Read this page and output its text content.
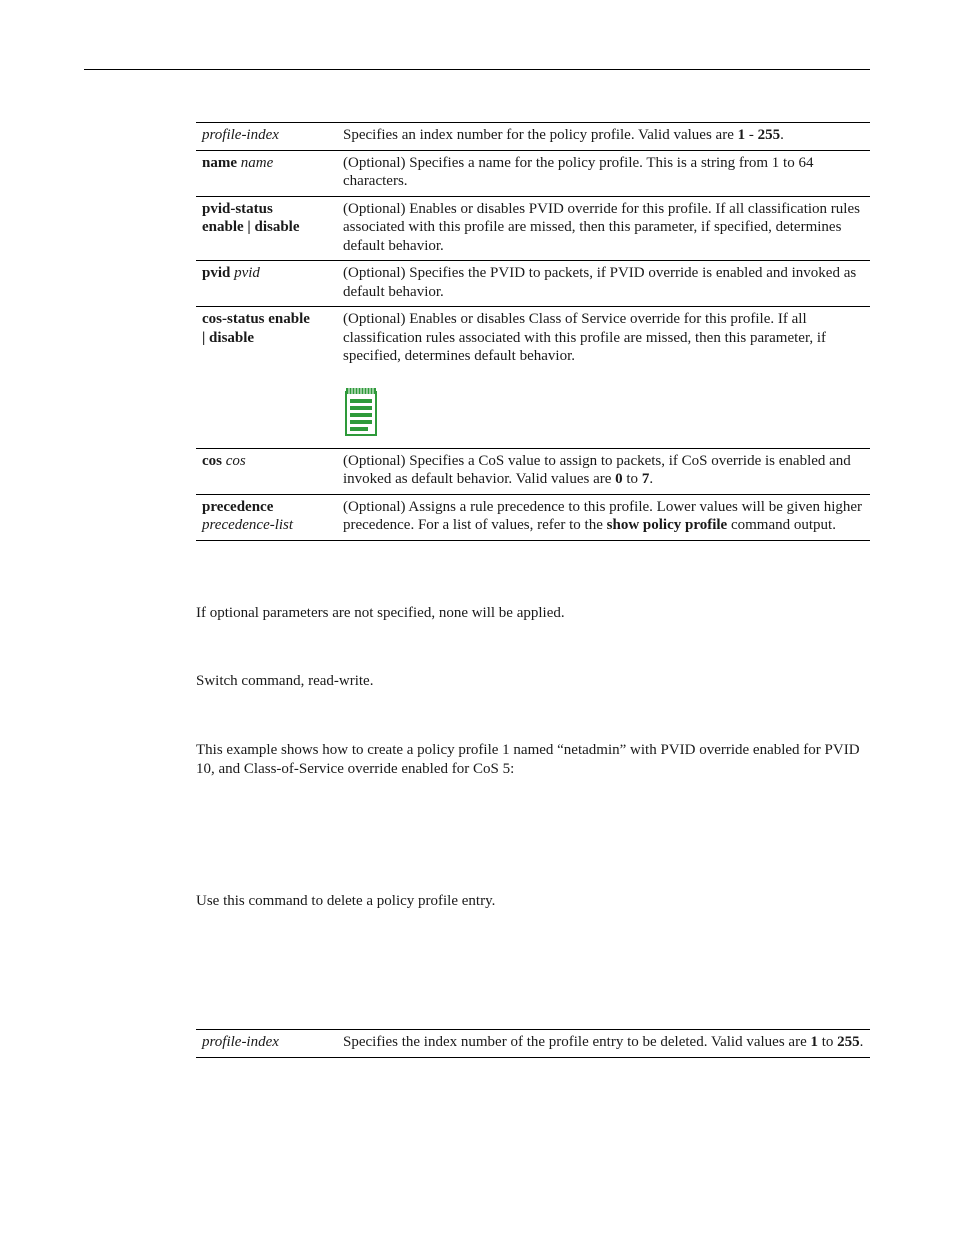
profile-index	Specifies an index number for the policy profile. Valid values are 1 - 255.
name name	(Optional) Specifies a name for the policy profile. This is a string from 1 to 64 characters.
pvid-status
enable | disable	(Optional) Enables or disables PVID override for this profile. If all classification rules associated with this profile are missed, then this parameter, if specified, determines default behavior.
pvid pvid	(Optional) Specifies the PVID to packets, if PVID override is enabled and invoked as default behavior.
cos-status enable
| disable	(Optional) Enables or disables Class of Service override for this profile. If all classification rules associated with this profile are missed, then this parameter, if specified, determines default behavior.

cos cos	(Optional) Specifies a CoS value to assign to packets, if CoS override is enabled and invoked as default behavior. Valid values are 0 to 7.
precedence
precedence-list	(Optional) Assigns a rule precedence to this profile. Lower values will be given higher precedence. For a list of values, refer to the show policy profile command output.

If optional parameters are not specified, none will be applied.

Switch command, read-write.

This example shows how to create a policy profile 1 named “netadmin” with PVID override enabled for PVID 10, and Class-of-Service override enabled for CoS 5:

Use this command to delete a policy profile entry.

profile-index	Specifies the index number of the profile entry to be deleted. Valid values are 1 to 255.
